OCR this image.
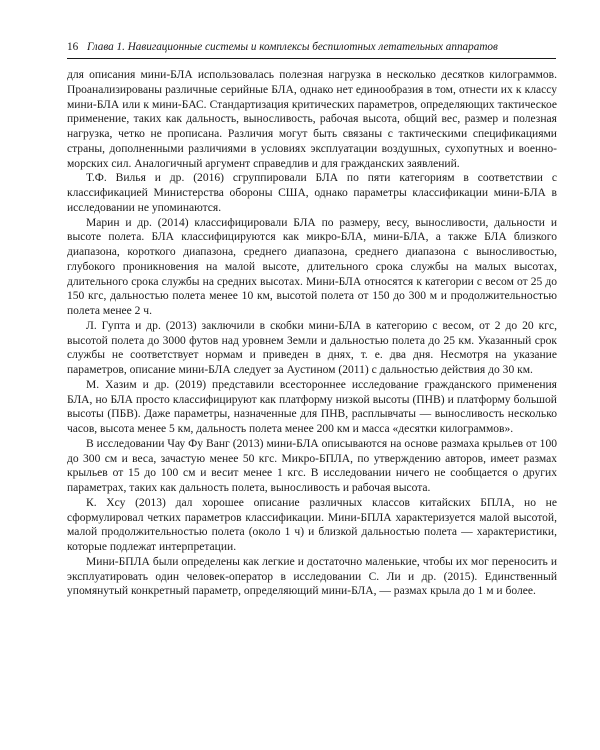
16 Глава 1. Навигационные системы и комплексы беспилотных летательных аппаратов

для описания мини-БЛА использовалась полезная нагрузка в несколько десятков килограммов. Проанализированы различные серийные БЛА, однако нет единообразия в том, отнести их к классу мини-БЛА или к мини-БАС. Стандартизация критических параметров, определяющих тактическое применение, таких как дальность, выносливость, рабочая высота, общий вес, размер и полезная нагрузка, четко не прописана. Различия могут быть связаны с тактическими спецификациями страны, дополненными различиями в условиях эксплуатации воздушных, сухопутных и военно-морских сил. Аналогичный аргумент справедлив и для гражданских заявлений.

Т.Ф. Вилья и др. (2016) сгруппировали БЛА по пяти категориям в соответствии с классификацией Министерства обороны США, однако параметры классификации мини-БЛА в исследовании не упоминаются.

Марин и др. (2014) классифицировали БЛА по размеру, весу, выносливости, дальности и высоте полета. БЛА классифицируются как микро-БЛА, мини-БЛА, а также БЛА близкого диапазона, короткого диапазона, среднего диапазона, среднего диапазона с выносливостью, глубокого проникновения на малой высоте, длительного срока службы на малых высотах, длительного срока службы на средних высотах. Мини-БЛА относятся к категории с весом от 25 до 150 кгс, дальностью полета менее 10 км, высотой полета от 150 до 300 м и продолжительностью полета менее 2 ч.

Л. Гупта и др. (2013) заключили в скобки мини-БЛА в категорию с весом, от 2 до 20 кгс, высотой полета до 3000 футов над уровнем Земли и дальностью полета до 25 км. Указанный срок службы не соответствует нормам и приведен в днях, т. е. два дня. Несмотря на указание параметров, описание мини-БЛА следует за Аустином (2011) с дальностью действия до 30 км.

М. Хазим и др. (2019) представили всестороннее исследование гражданского применения БЛА, но БЛА просто классифицируют как платформу низкой высоты (ПНВ) и платформу большой высоты (ПБВ). Даже параметры, назначенные для ПНВ, расплывчаты — выносливость несколько часов, высота менее 5 км, дальность полета менее 200 км и масса «десятки килограммов».

В исследовании Чау Фу Ванг (2013) мини-БЛА описываются на основе размаха крыльев от 100 до 300 см и веса, зачастую менее 50 кгс. Микро-БПЛА, по утверждению авторов, имеет размах крыльев от 15 до 100 см и весит менее 1 кгс. В исследовании ничего не сообщается о других параметрах, таких как дальность полета, выносливость и рабочая высота.

К. Хсу (2013) дал хорошее описание различных классов китайских БПЛА, но не сформулировал четких параметров классификации. Мини-БПЛА характеризуется малой высотой, малой продолжительностью полета (около 1 ч) и близкой дальностью полета — характеристики, которые подлежат интерпретации.

Мини-БПЛА были определены как легкие и достаточно маленькие, чтобы их мог переносить и эксплуатировать один человек-оператор в исследовании С. Ли и др. (2015). Единственный упомянутый конкретный параметр, определяющий мини-БЛА, — размах крыла до 1 м и более.
